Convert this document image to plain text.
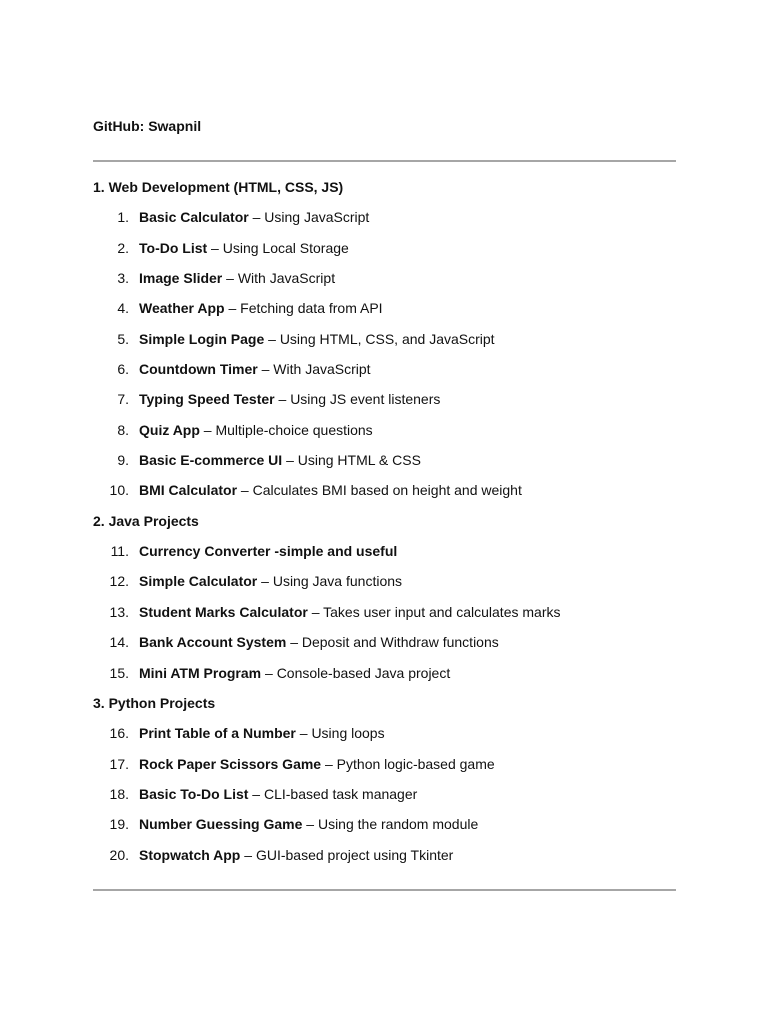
GitHub: Swapnil
1. Web Development (HTML, CSS, JS)
1. Basic Calculator – Using JavaScript
2. To-Do List – Using Local Storage
3. Image Slider – With JavaScript
4. Weather App – Fetching data from API
5. Simple Login Page – Using HTML, CSS, and JavaScript
6. Countdown Timer – With JavaScript
7. Typing Speed Tester – Using JS event listeners
8. Quiz App – Multiple-choice questions
9. Basic E-commerce UI – Using HTML & CSS
10. BMI Calculator – Calculates BMI based on height and weight
2. Java Projects
11. Currency Converter -simple and useful
12. Simple Calculator – Using Java functions
13. Student Marks Calculator – Takes user input and calculates marks
14. Bank Account System – Deposit and Withdraw functions
15. Mini ATM Program – Console-based Java project
3. Python Projects
16. Print Table of a Number – Using loops
17. Rock Paper Scissors Game – Python logic-based game
18. Basic To-Do List – CLI-based task manager
19. Number Guessing Game – Using the random module
20. Stopwatch App – GUI-based project using Tkinter
